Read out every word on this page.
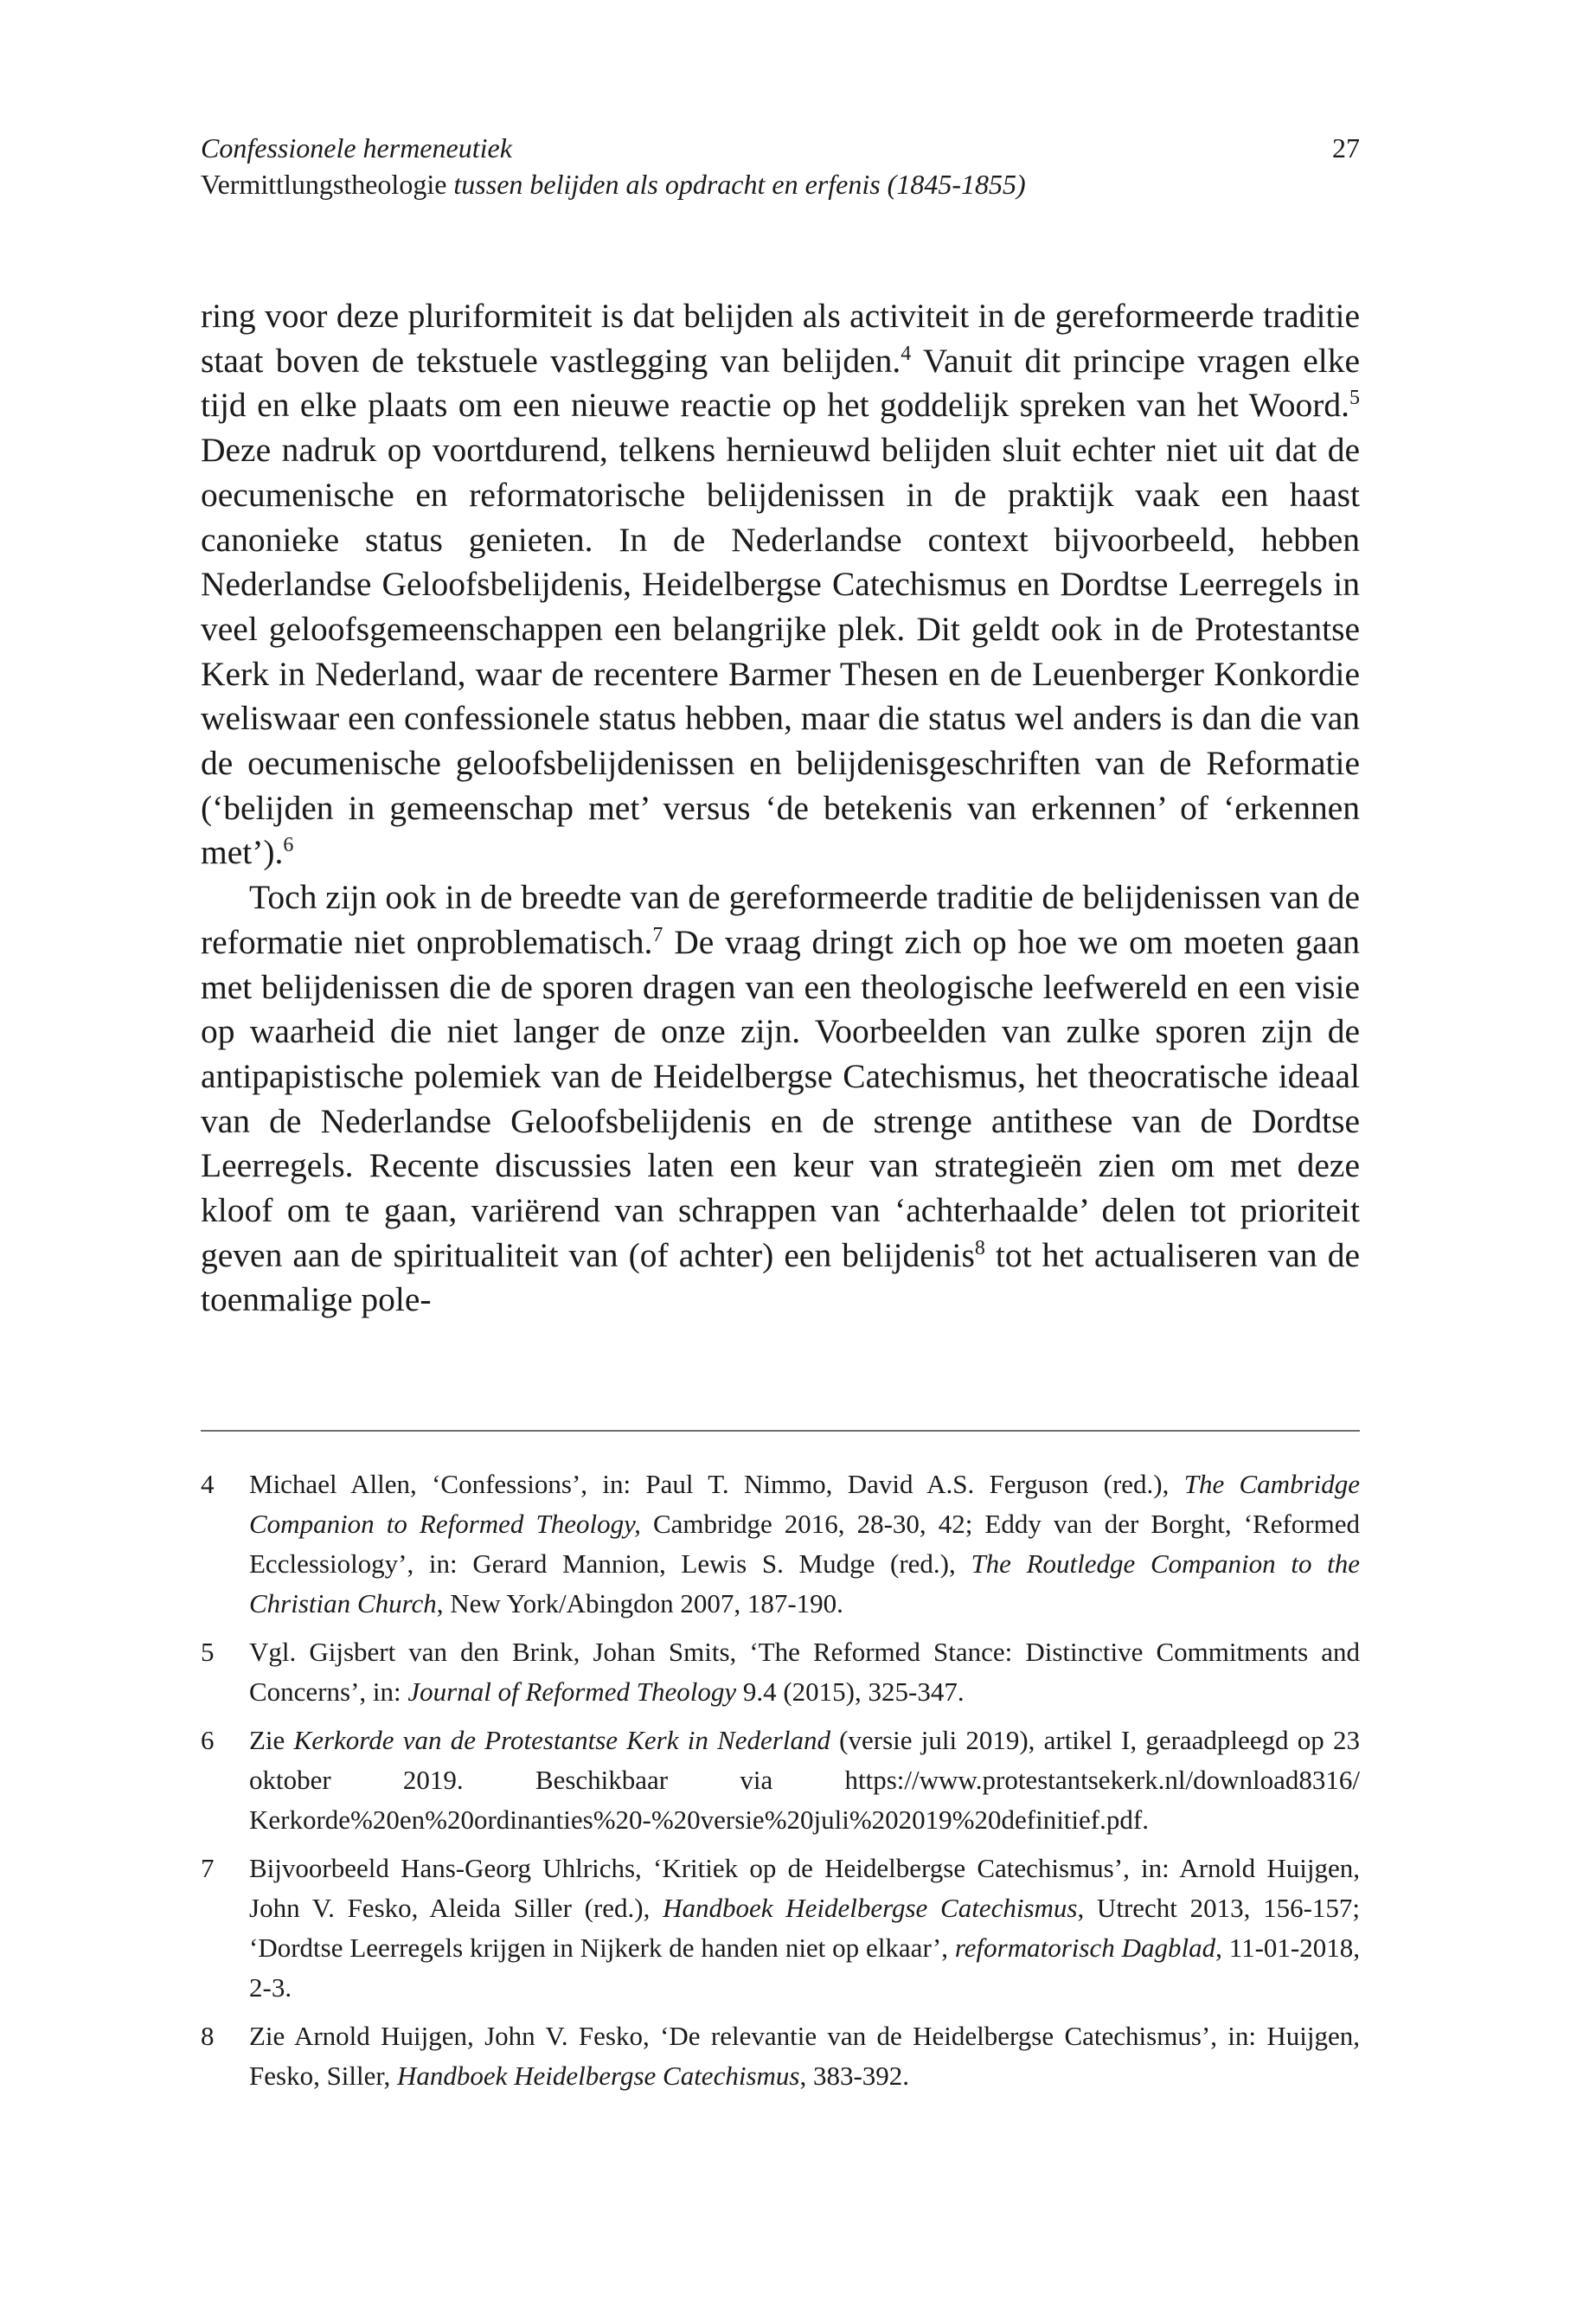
Confessionele hermeneutiek
Vermittlungstheologie tussen belijden als opdracht en erfenis (1845-1855)
27

ring voor deze pluriformiteit is dat belijden als activiteit in de gereformeerde traditie staat boven de tekstuele vastlegging van belijden.$^4$ Vanuit dit principe vragen elke tijd en elke plaats om een nieuwe reactie op het goddelijk spreken van het Woord.$^5$ Deze nadruk op voortdurend, telkens hernieuwd belijden sluit echter niet uit dat de oecumenische en reformatorische belijdenissen in de praktijk vaak een haast canonieke status genieten. In de Nederlandse context bijvoorbeeld, hebben Nederlandse Geloofsbelijdenis, Heidelbergse Catechismus en Dordtse Leerregels in veel geloofsgemeenschappen een belangrijke plek. Dit geldt ook in de Protestantse Kerk in Nederland, waar de recentere Barmer Thesen en de Leuenberger Konkordie weliswaar een confessionele status hebben, maar die status wel anders is dan die van de oecumenische geloofsbelijdenissen en belijdenisgeschriften van de Reformatie (‘belijden in gemeenschap met’ versus ‘de betekenis van erkennen’ of ‘erkennen met’).$^6$

Toch zijn ook in de breedte van de gereformeerde traditie de belijdenissen van de reformatie niet onproblematisch.$^7$ De vraag dringt zich op hoe we om moeten gaan met belijdenissen die de sporen dragen van een theologische leefwereld en een visie op waarheid die niet langer de onze zijn. Voorbeelden van zulke sporen zijn de antipapistische polemiek van de Heidelbergse Catechismus, het theocratische ideaal van de Nederlandse Geloofsbelijdenis en de strenge antithese van de Dordtse Leerregels. Recente discussies laten een keur van strategieën zien om met deze kloof om te gaan, variërend van schrappen van ‘achterhaalde’ delen tot prioriteit geven aan de spiritualiteit van (of achter) een belijdenis$^8$ tot het actualiseren van de toenmalige pole-

4	Michael Allen, ‘Confessions’, in: Paul T. Nimmo, David A.S. Ferguson (red.), The Cambridge Companion to Reformed Theology, Cambridge 2016, 28-30, 42; Eddy van der Borght, ‘Reformed Ecclessiology’, in: Gerard Mannion, Lewis S. Mudge (red.), The Routledge Companion to the Christian Church, New York/Abingdon 2007, 187-190.
5	Vgl. Gijsbert van den Brink, Johan Smits, ‘The Reformed Stance: Distinctive Commitments and Concerns’, in: Journal of Reformed Theology 9.4 (2015), 325-347.
6	Zie Kerkorde van de Protestantse Kerk in Nederland (versie juli 2019), artikel I, geraadpleegd op 23 oktober 2019. Beschikbaar via https://www.protestantsekerk.nl/download8316/​Kerkorde%20en%20ordinanties%20-%20versie%20juli%202019%20definitief.pdf.
7	Bijvoorbeeld Hans-Georg Uhlrichs, ‘Kritiek op de Heidelbergse Catechismus’, in: Arnold Huijgen, John V. Fesko, Aleida Siller (red.), Handboek Heidelbergse Catechismus, Utrecht 2013, 156-157; ‘Dordtse Leerregels krijgen in Nijkerk de handen niet op elkaar’, reformatorisch Dagblad, 11-01-2018, 2-3.
8	Zie Arnold Huijgen, John V. Fesko, ‘De relevantie van de Heidelbergse Catechismus’, in: Huijgen, Fesko, Siller, Handboek Heidelbergse Catechismus, 383-392.
